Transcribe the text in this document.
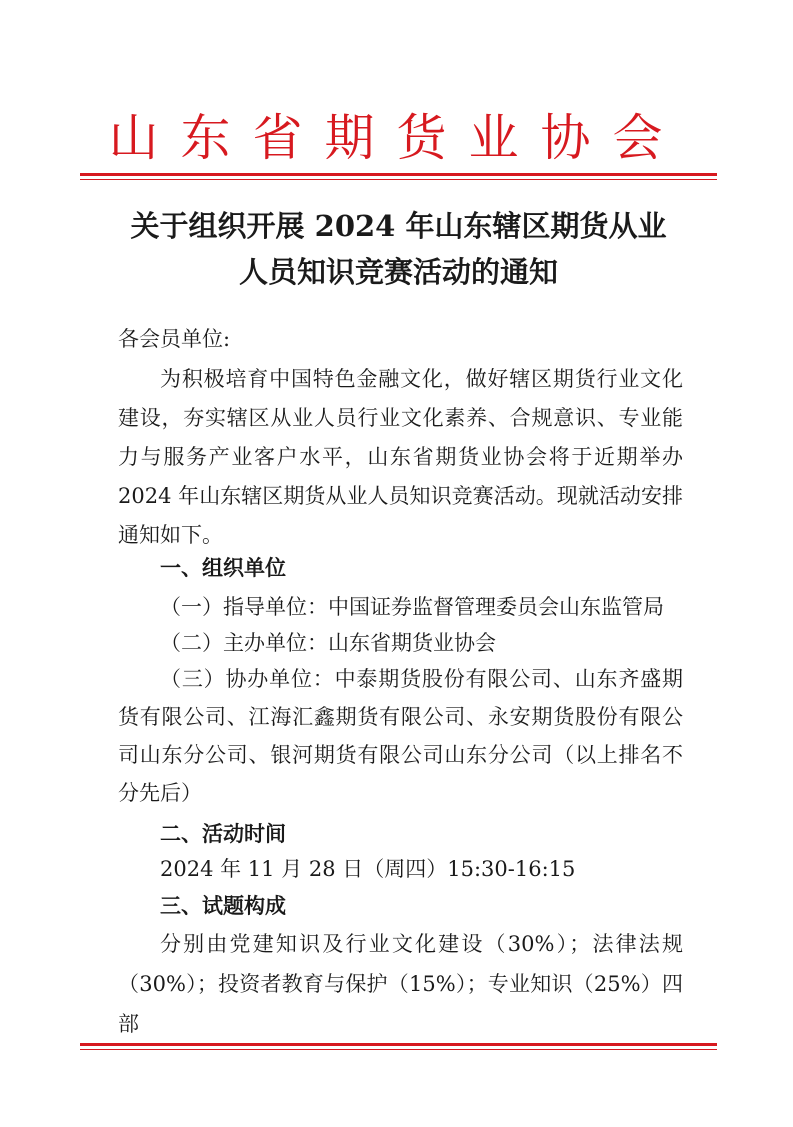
山东省期货业协会
关于组织开展 2024 年山东辖区期货从业
人员知识竞赛活动的通知
各会员单位:
为积极培育中国特色金融文化，做好辖区期货行业文化建设，夯实辖区从业人员行业文化素养、合规意识、专业能力与服务产业客户水平，山东省期货业协会将于近期举办 2024 年山东辖区期货从业人员知识竞赛活动。现就活动安排通知如下。
一、组织单位
（一）指导单位：中国证券监督管理委员会山东监管局
（二）主办单位：山东省期货业协会
（三）协办单位：中泰期货股份有限公司、山东齐盛期货有限公司、江海汇鑫期货有限公司、永安期货股份有限公司山东分公司、银河期货有限公司山东分公司（以上排名不分先后）
二、活动时间
2024 年 11 月 28 日（周四）15:30-16:15
三、试题构成
分别由党建知识及行业文化建设（30%）；法律法规（30%）；投资者教育与保护（15%）；专业知识（25%）四部
